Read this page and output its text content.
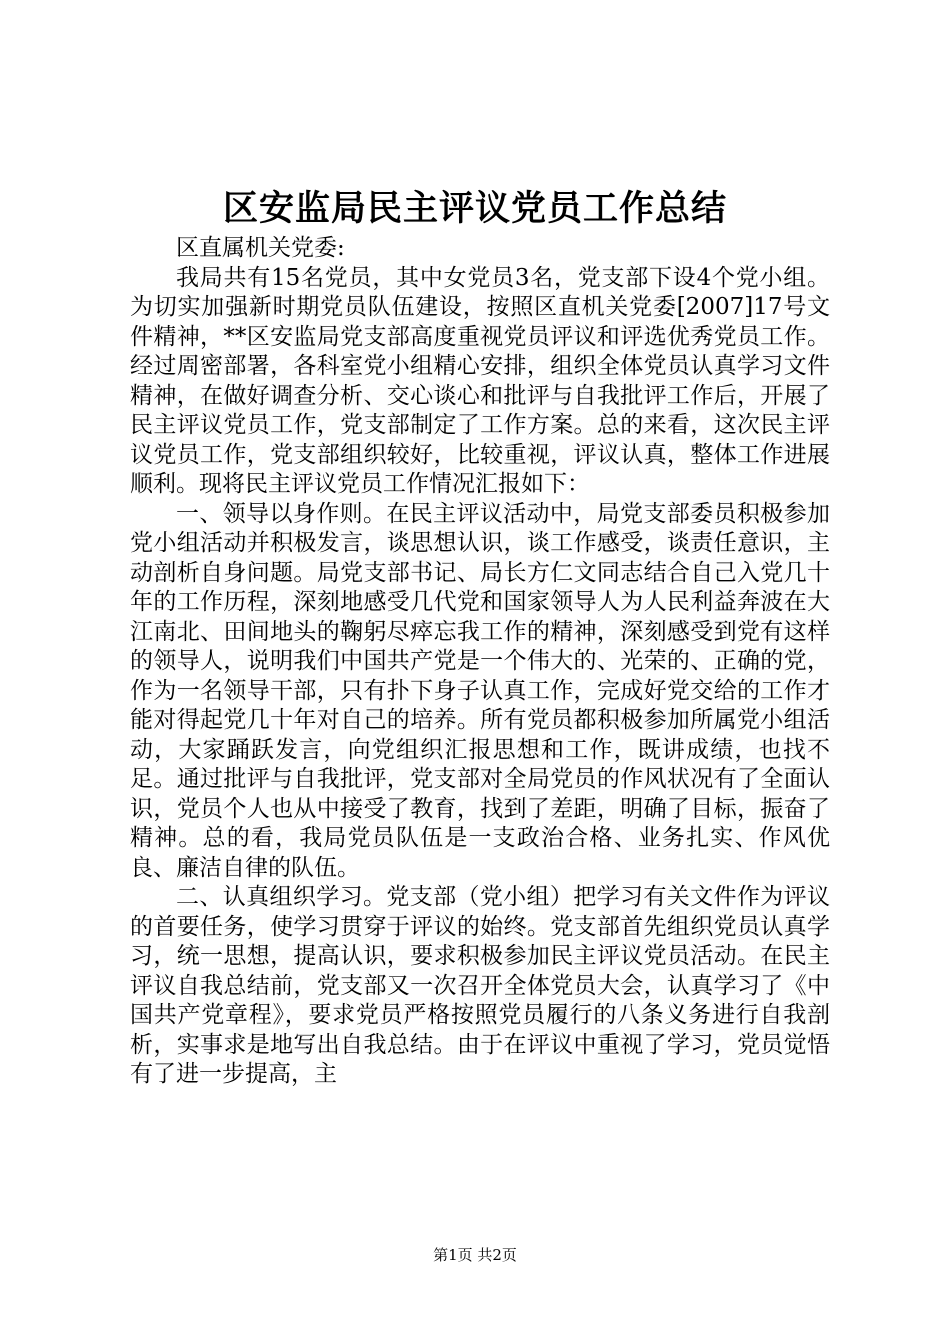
区安监局民主评议党员工作总结

区直属机关党委:

我局共有15名党员，其中女党员3名，党支部下设4个党小组。为切实加强新时期党员队伍建设，按照区直机关党委[2007]17号文件精神，**区安监局党支部高度重视党员评议和评选优秀党员工作。经过周密部署，各科室党小组精心安排，组织全体党员认真学习文件精神，在做好调查分析、交心谈心和批评与自我批评工作后，开展了民主评议党员工作，党支部制定了工作方案。总的来看，这次民主评议党员工作，党支部组织较好，比较重视，评议认真，整体工作进展顺利。现将民主评议党员工作情况汇报如下：

一、领导以身作则。在民主评议活动中，局党支部委员积极参加党小组活动并积极发言，谈思想认识，谈工作感受，谈责任意识，主动剖析自身问题。局党支部书记、局长方仁文同志结合自己入党几十年的工作历程，深刻地感受几代党和国家领导人为人民利益奔波在大江南北、田间地头的鞠躬尽瘁忘我工作的精神，深刻感受到党有这样的领导人，说明我们中国共产党是一个伟大的、光荣的、正确的党，作为一名领导干部，只有扑下身子认真工作，完成好党交给的工作才能对得起党几十年对自己的培养。所有党员都积极参加所属党小组活动，大家踊跃发言，向党组织汇报思想和工作，既讲成绩，也找不足。通过批评与自我批评，党支部对全局党员的作风状况有了全面认识，党员个人也从中接受了教育，找到了差距，明确了目标，振奋了精神。总的看，我局党员队伍是一支政治合格、业务扎实、作风优良、廉洁自律的队伍。

二、认真组织学习。党支部（党小组）把学习有关文件作为评议的首要任务，使学习贯穿于评议的始终。党支部首先组织党员认真学习，统一思想，提高认识，要求积极参加民主评议党员活动。在民主评议自我总结前，党支部又一次召开全体党员大会，认真学习了《中国共产党章程》，要求党员严格按照党员履行的八条义务进行自我剖析，实事求是地写出自我总结。由于在评议中重视了学习，党员觉悟有了进一步提高，主

第1页 共2页
